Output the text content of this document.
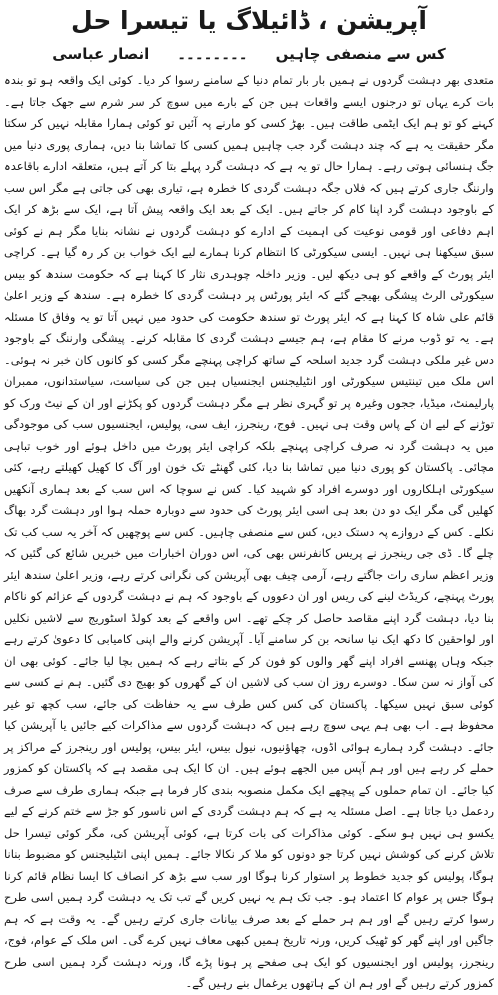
آپریشن ، ڈائیلاگ یا تیسرا حل
کس سے منصفی چاہیں
۔۔۔۔۔۔۔۔
انصار عباسی

متعدی بھر دہشت گردوں نے ہمیں بار بار تمام دنیا کے سامنے رسوا کر دیا۔ کوئی ایک واقعہ ہو تو بندہ بات کرے یہاں تو درجنوں ایسے واقعات ہیں جن کے بارے میں سوچ کر سر شرم سے جھک جاتا ہے۔ کہنے کو تو ہم ایک ایٹمی طاقت ہیں۔ بھڑ کسی کو مارنے پہ آئیں تو کوئی ہمارا مقابلہ نہیں کر سکتا مگر حقیقت یہ ہے کہ چند دہشت گرد جب چاہیں ہمیں کسی کا تماشا بنا دیں، ہماری پوری دنیا میں جگ ہنسائی ہوتی رہے۔ ہمارا حال تو یہ ہے کہ دہشت گرد پہلے بتا کر آتے ہیں، متعلقہ ادارے باقاعدہ وارننگ جاری کرتے ہیں کہ فلاں جگہ دہشت گردی کا خطرہ ہے، تیاری بھی کی جاتی ہے مگر اس سب کے باوجود دہشت گرد اپنا کام کر جاتے ہیں۔ ایک کے بعد ایک واقعہ پیش آتا ہے، ایک سے بڑھ کر ایک اہم دفاعی اور قومی نوعیت کی اہمیت کے ادارے کو دہشت گردوں نے نشانہ بنایا مگر ہم نے کوئی سبق سیکھنا ہی نہیں۔ ایسی سیکورٹی کا انتظام کرنا ہمارے لیے ایک خواب بن کر رہ گیا ہے۔ کراچی ایئر پورٹ کے واقعے کو ہی دیکھ لیں۔ وزیر داخلہ چوہدری نثار کا کہنا ہے کہ حکومت سندھ کو بیس سیکورٹی الرٹ پیشگی بھیجے گئے کہ ایئر پورٹس پر دہشت گردی کا خطرہ ہے۔ سندھ کے وزیر اعلیٰ قائم علی شاہ کا کہنا ہے کہ ایئر پورٹ تو سندھ حکومت کی حدود میں نہیں آتا تو یہ وفاق کا مسئلہ ہے۔ یہ تو ڈوب مرنے کا مقام ہے، ہم جیسے دہشت گردی کا مقابلہ کرنے۔ پیشگی وارننگ کے باوجود دس غیر ملکی دہشت گرد جدید اسلحہ کے ساتھ کراچی پہنچے مگر کسی کو کانوں کان خبر نہ ہوئی۔ اس ملک میں تینتیس سیکورٹی اور انٹیلیجنس ایجنسیاں ہیں جن کی سیاست، سیاستدانوں، ممبران پارلیمنٹ، میڈیا، ججوں وغیرہ پر تو گہری نظر ہے مگر دہشت گردوں کو پکڑنے اور ان کے نیٹ ورک کو توڑنے کے لیے ان کے پاس وقت ہی نہیں۔ فوج، رینجرز، ایف سی، پولیس، ایجنسیوں سب کی موجودگی میں یہ دہشت گرد نہ صرف کراچی پہنچے بلکہ کراچی ایئر پورٹ میں داخل ہوئے اور خوب تباہی مچائی۔ پاکستان کو پوری دنیا میں تماشا بنا دیا، کئی گھنٹے تک خون اور آگ کا کھیل کھیلتے رہے، کئی سیکورٹی اہلکاروں اور دوسرے افراد کو شہید کیا۔ کس نے سوچا کہ اس سب کے بعد ہماری آنکھیں کھلیں گی مگر ایک دو دن بعد ہی اسی ایئر پورٹ کی حدود سے دوبارہ حملہ ہوا اور دہشت گرد بھاگ نکلے۔ کس کے دروازے پہ دستک دیں، کس سے منصفی چاہیں۔ کس سے پوچھیں کہ آخر یہ سب کب تک چلے گا۔ ڈی جی رینجرز نے پریس کانفرنس بھی کی، اس دوران اخبارات میں خبریں شائع کی گئیں کہ وزیر اعظم ساری رات جاگتے رہے، آرمی چیف بھی آپریشن کی نگرانی کرتے رہے، وزیر اعلیٰ سندھ ایئر پورٹ پہنچے، کریڈٹ لینے کی ریس اور ان دعووں کے باوجود کہ ہم نے دہشت گردوں کے عزائم کو ناکام بنا دیا، دہشت گرد اپنے مقاصد حاصل کر چکے تھے۔ اس واقعے کے بعد کولڈ اسٹوریج سے لاشیں نکلیں اور لواحقین کا دکھ ایک نیا سانحہ بن کر سامنے آیا۔ آپریشن کرنے والے اپنی کامیابی کا دعویٰ کرتے رہے جبکہ وہاں پھنسے افراد اپنے گھر والوں کو فون کر کے بتاتے رہے کہ ہمیں بچا لیا جائے۔ کوئی بھی ان کی آواز نہ سن سکا۔ دوسرے روز ان سب کی لاشیں ان کے گھروں کو بھیج دی گئیں۔ ہم نے کسی سے کوئی سبق نہیں سیکھا۔ پاکستان کی کس کس طرف سے یہ حفاظت کی جائے، سب کچھ تو غیر محفوظ ہے۔ اب بھی ہم یہی سوچ رہے ہیں کہ دہشت گردوں سے مذاکرات کیے جائیں یا آپریشن کیا جائے۔ دہشت گرد ہمارے ہوائی اڈوں، چھاؤنیوں، نیول بیس، ایئر بیس، پولیس اور رینجرز کے مراکز پر حملے کر رہے ہیں اور ہم آپس میں الجھے ہوئے ہیں۔ ان کا ایک ہی مقصد ہے کہ پاکستان کو کمزور کیا جائے۔ ان تمام حملوں کے پیچھے ایک مکمل منصوبہ بندی کار فرما ہے جبکہ ہماری طرف سے صرف ردعمل دیا جاتا ہے۔ اصل مسئلہ یہ ہے کہ ہم دہشت گردی کے اس ناسور کو جڑ سے ختم کرنے کے لیے یکسو ہی نہیں ہو سکے۔ کوئی مذاکرات کی بات کرتا ہے، کوئی آپریشن کی، مگر کوئی تیسرا حل تلاش کرنے کی کوشش نہیں کرتا جو دونوں کو ملا کر نکالا جائے۔ ہمیں اپنی انٹیلیجنس کو مضبوط بنانا ہوگا، پولیس کو جدید خطوط پر استوار کرنا ہوگا اور سب سے بڑھ کر انصاف کا ایسا نظام قائم کرنا ہوگا جس پر عوام کا اعتماد ہو۔ جب تک ہم یہ نہیں کریں گے تب تک یہ دہشت گرد ہمیں اسی طرح رسوا کرتے رہیں گے اور ہم ہر حملے کے بعد صرف بیانات جاری کرتے رہیں گے۔ یہ وقت ہے کہ ہم جاگیں اور اپنے گھر کو ٹھیک کریں، ورنہ تاریخ ہمیں کبھی معاف نہیں کرے گی۔ اس ملک کے عوام، فوج، رینجرز، پولیس اور ایجنسیوں کو ایک ہی صفحے پر ہونا پڑے گا، ورنہ دہشت گرد ہمیں اسی طرح کمزور کرتے رہیں گے اور ہم ان کے ہاتھوں یرغمال بنے رہیں گے۔
